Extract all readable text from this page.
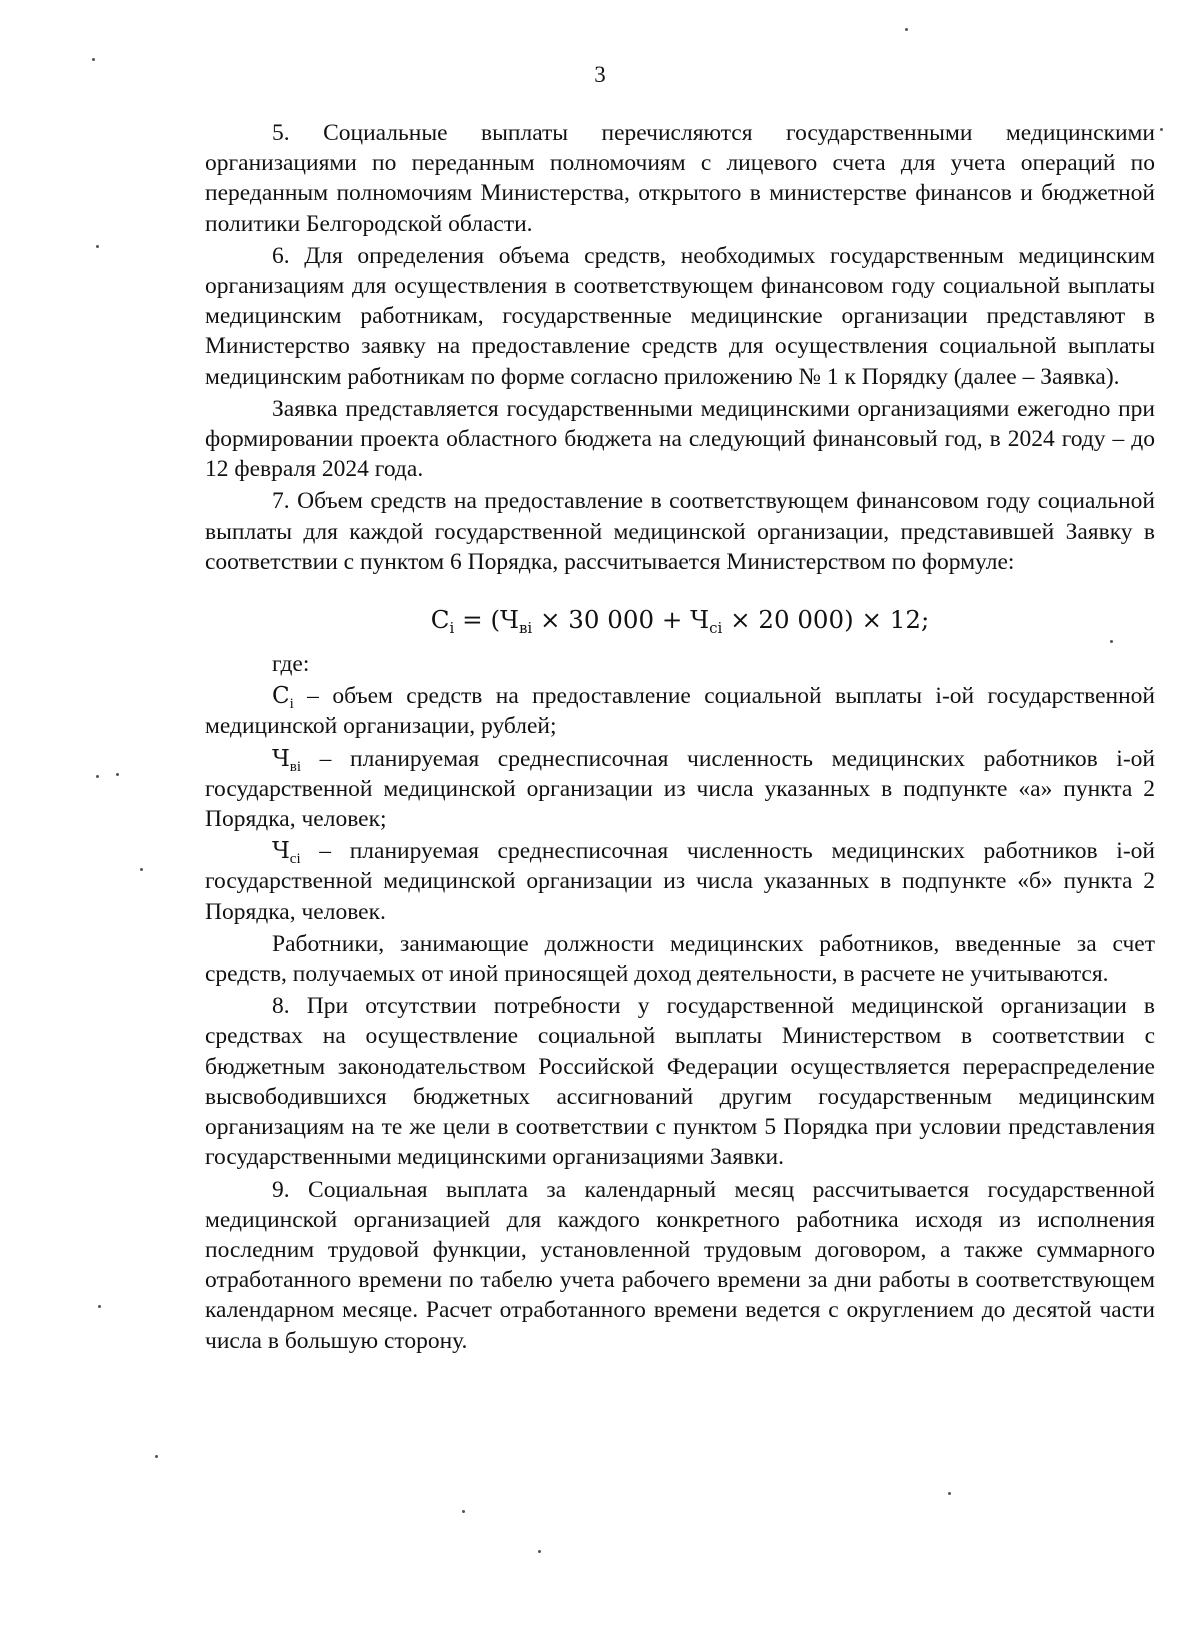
3

5. Социальные выплаты перечисляются государственными медицинскими организациями по переданным полномочиям с лицевого счета для учета операций по переданным полномочиям Министерства, открытого в министерстве финансов и бюджетной политики Белгородской области.

6. Для определения объема средств, необходимых государственным медицинским организациям для осуществления в соответствующем финансовом году социальной выплаты медицинским работникам, государственные медицинские организации представляют в Министерство заявку на предоставление средств для осуществления социальной выплаты медицинским работникам по форме согласно приложению № 1 к Порядку (далее – Заявка).

Заявка представляется государственными медицинскими организациями ежегодно при формировании проекта областного бюджета на следующий финансовый год, в 2024 году – до 12 февраля 2024 года.

7. Объем средств на предоставление в соответствующем финансовом году социальной выплаты для каждой государственной медицинской организации, представившей Заявку в соответствии с пунктом 6 Порядка, рассчитывается Министерством по формуле:

$C_i = (Ч_{вi} \times 30$ $000 + Ч_{ci} \times 20$ 000) × 12;

где:

$C_i$ – объем средств на предоставление социальной выплаты i-ой государственной медицинской организации, рублей;

$Ч_{вi}$ – планируемая среднесписочная численность медицинских работников i-ой государственной медицинской организации из числа указанных в подпункте «а» пункта 2 Порядка, человек;

$Ч_{ci}$ – планируемая среднесписочная численность медицинских работников i-ой государственной медицинской организации из числа указанных в подпункте «б» пункта 2 Порядка, человек.

Работники, занимающие должности медицинских работников, введенные за счет средств, получаемых от иной приносящей доход деятельности, в расчете не учитываются.

8. При отсутствии потребности у государственной медицинской организации в средствах на осуществление социальной выплаты Министерством в соответствии с бюджетным законодательством Российской Федерации осуществляется перераспределение высвободившихся бюджетных ассигнований другим государственным медицинским организациям на те же цели в соответствии с пунктом 5 Порядка при условии представления государственными медицинскими организациями Заявки.

9. Социальная выплата за календарный месяц рассчитывается государственной медицинской организацией для каждого конкретного работника исходя из исполнения последним трудовой функции, установленной трудовым договором, а также суммарного отработанного времени по табелю учета рабочего времени за дни работы в соответствующем календарном месяце. Расчет отработанного времени ведется с округлением до десятой части числа в большую сторону.
